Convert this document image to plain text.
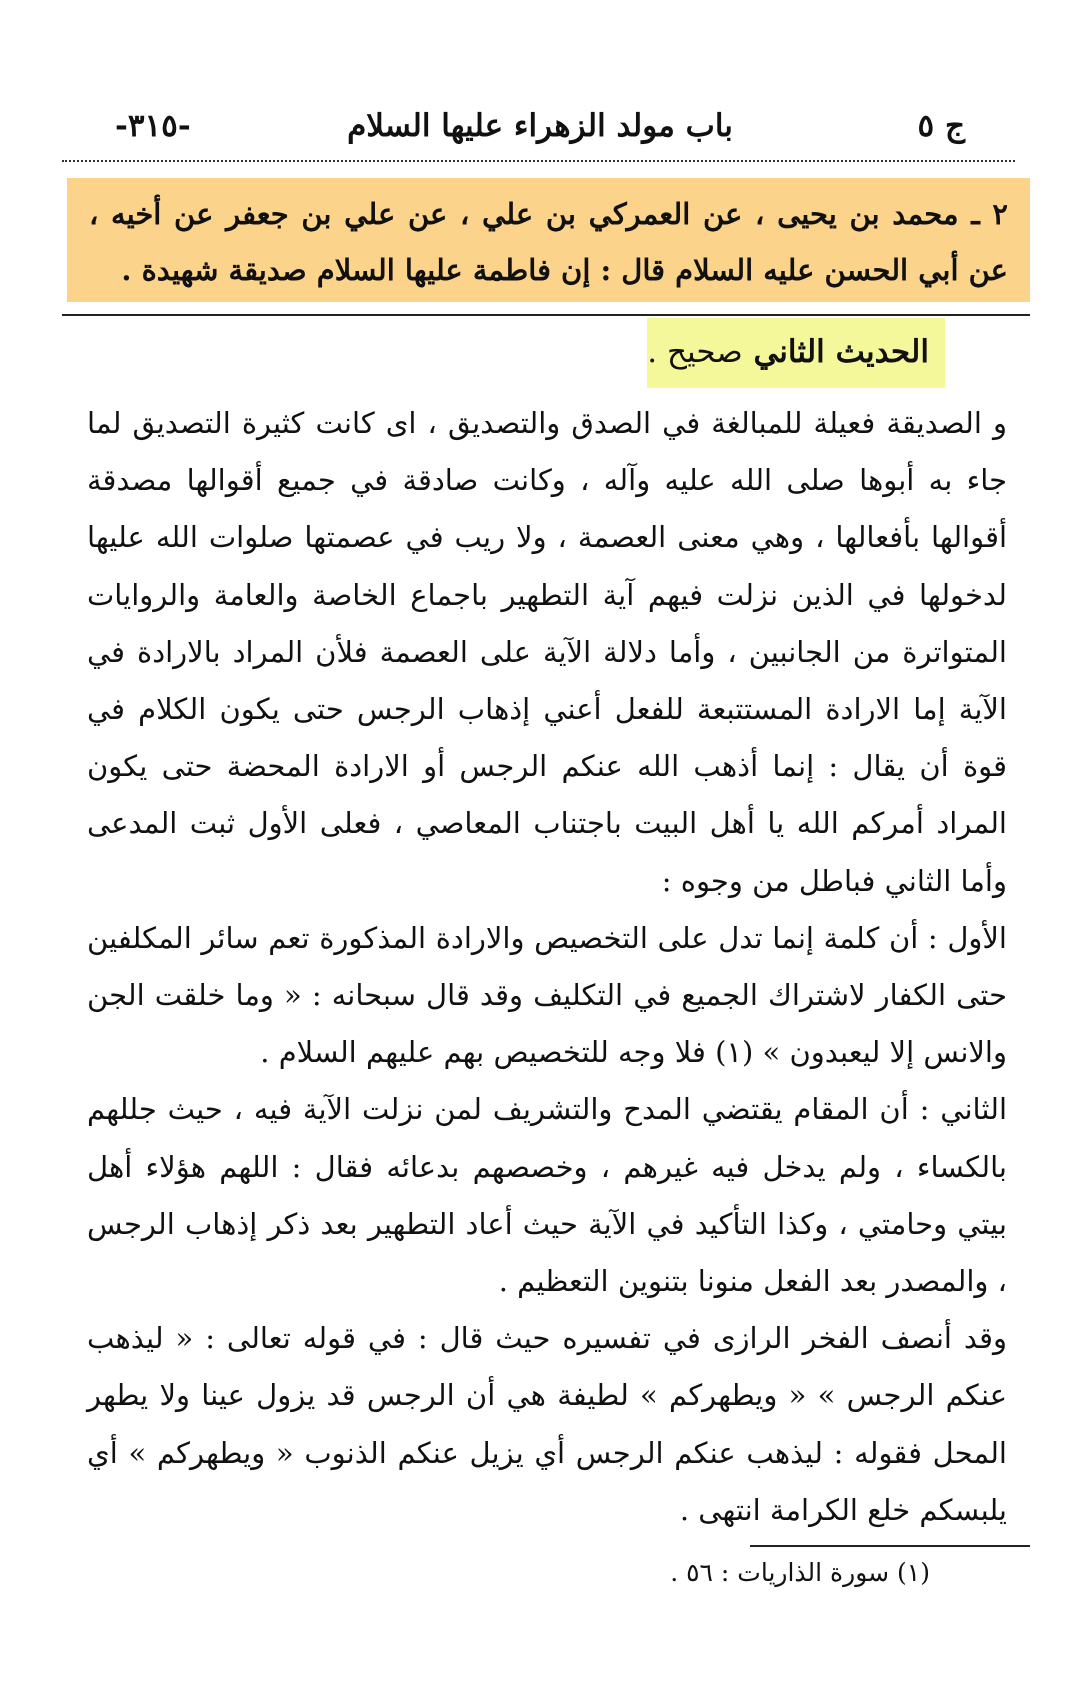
ج ٥
باب مولد الزهراء عليها السلام
-٣١٥-
٢ ـ محمد بن يحيى ، عن العمركي بن علي ، عن علي بن جعفر عن أخيه ، عن أبي الحسن عليه السلام قال : إن فاطمة عليها السلام صديقة شهيدة .
الحديث الثاني صحيح .

و الصديقة فعيلة للمبالغة في الصدق والتصديق ، اى كانت كثيرة التصديق لما جاء به أبوها صلى الله عليه وآله ، وكانت صادقة في جميع أقوالها مصدقة أقوالها بأفعالها ، وهي معنى العصمة ، ولا ريب في عصمتها صلوات الله عليها لدخولها في الذين نزلت فيهم آية التطهير باجماع الخاصة والعامة والروايات المتواترة من الجانبين ، وأما دلالة الآية على العصمة فلأن المراد بالارادة في الآية إما الارادة المستتبعة للفعل أعني إذهاب الرجس حتى يكون الكلام في قوة أن يقال : إنما أذهب الله عنكم الرجس أو الارادة المحضة حتى يكون المراد أمركم الله يا أهل البيت باجتناب المعاصي ، فعلى الأول ثبت المدعى وأما الثاني فباطل من وجوه :

الأول : أن كلمة إنما تدل على التخصيص والارادة المذكورة تعم سائر المكلفين حتى الكفار لاشتراك الجميع في التكليف وقد قال سبحانه : « وما خلقت الجن والانس إلا ليعبدون » (١) فلا وجه للتخصيص بهم عليهم السلام .

الثاني : أن المقام يقتضي المدح والتشريف لمن نزلت الآية فيه ، حيث جللهم بالكساء ، ولم يدخل فيه غيرهم ، وخصصهم بدعائه فقال : اللهم هؤلاء أهل بيتي وحامتي ، وكذا التأكيد في الآية حيث أعاد التطهير بعد ذكر إذهاب الرجس ، والمصدر بعد الفعل منونا بتنوين التعظيم .

وقد أنصف الفخر الرازى في تفسيره حيث قال : في قوله تعالى : « ليذهب عنكم الرجس » « ويطهركم » لطيفة هي أن الرجس قد يزول عينا ولا يطهر المحل فقوله : ليذهب عنكم الرجس أي يزيل عنكم الذنوب « ويطهركم » أي يلبسكم خلع الكرامة انتهى .

(١) سورة الذاريات : ٥٦ .
